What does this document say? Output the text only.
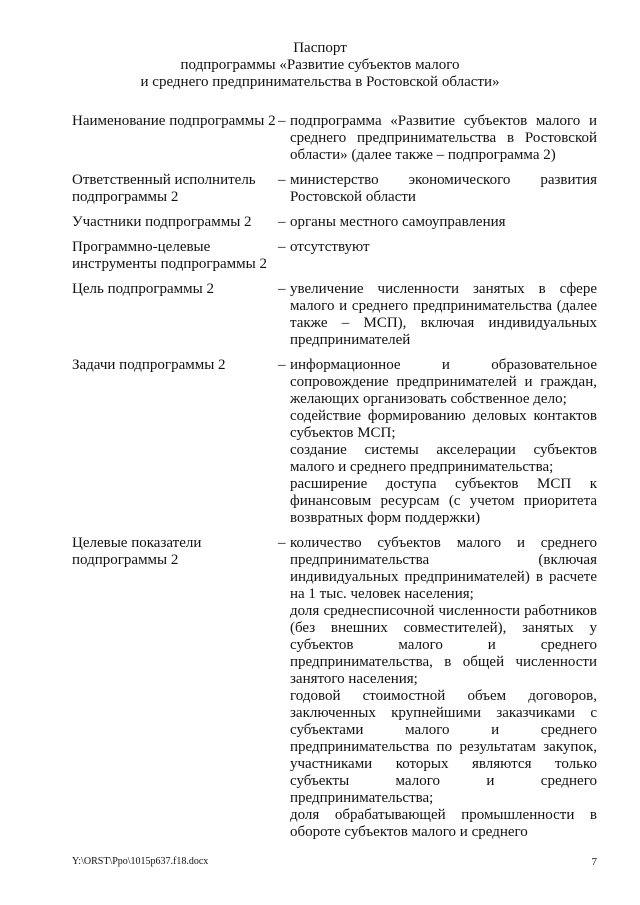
Паспорт
подпрограммы «Развитие субъектов малого
и среднего предпринимательства в Ростовской области»
Наименование подпрограммы 2 – подпрограмма «Развитие субъектов малого и среднего предпринимательства в Ростовской области» (далее также – подпрограмма 2)

Ответственный исполнитель подпрограммы 2
– министерство экономического развития Ростовской области

Участники подпрограммы 2	– органы местного самоуправления

Программно-целевые инструменты подпрограммы 2
– отсутствуют

Цель подпрограммы 2	– увеличение численности занятых в сфере малого и среднего предпринимательства (далее также – МСП), включая индивидуальных предпринимателей

Задачи подпрограммы 2	– информационное и образовательное сопровождение предпринимателей и граждан, желающих организовать собственное дело;

содействие формированию деловых контактов субъектов МСП;

создание системы акселерации субъектов малого и среднего предпринимательства;

расширение доступа субъектов МСП к финансовым ресурсам (с учетом приоритета возвратных форм поддержки)

Целевые показатели подпрограммы 2
– количество субъектов малого и среднего предпринимательства (включая индивидуальных предпринимателей) в расчете на 1 тыс. человек населения;

доля среднесписочной численности работников (без внешних совместителей), занятых у субъектов малого и среднего предпринимательства, в общей численности занятого населения;

годовой стоимостной объем договоров, заключенных крупнейшими заказчиками с субъектами малого и среднего предпринимательства по результатам закупок, участниками которых являются только субъекты малого и среднего предпринимательства;

доля обрабатывающей промышленности в обороте субъектов малого и среднего

Y:\ORST\Ppo\1015p637.f18.docx	7
